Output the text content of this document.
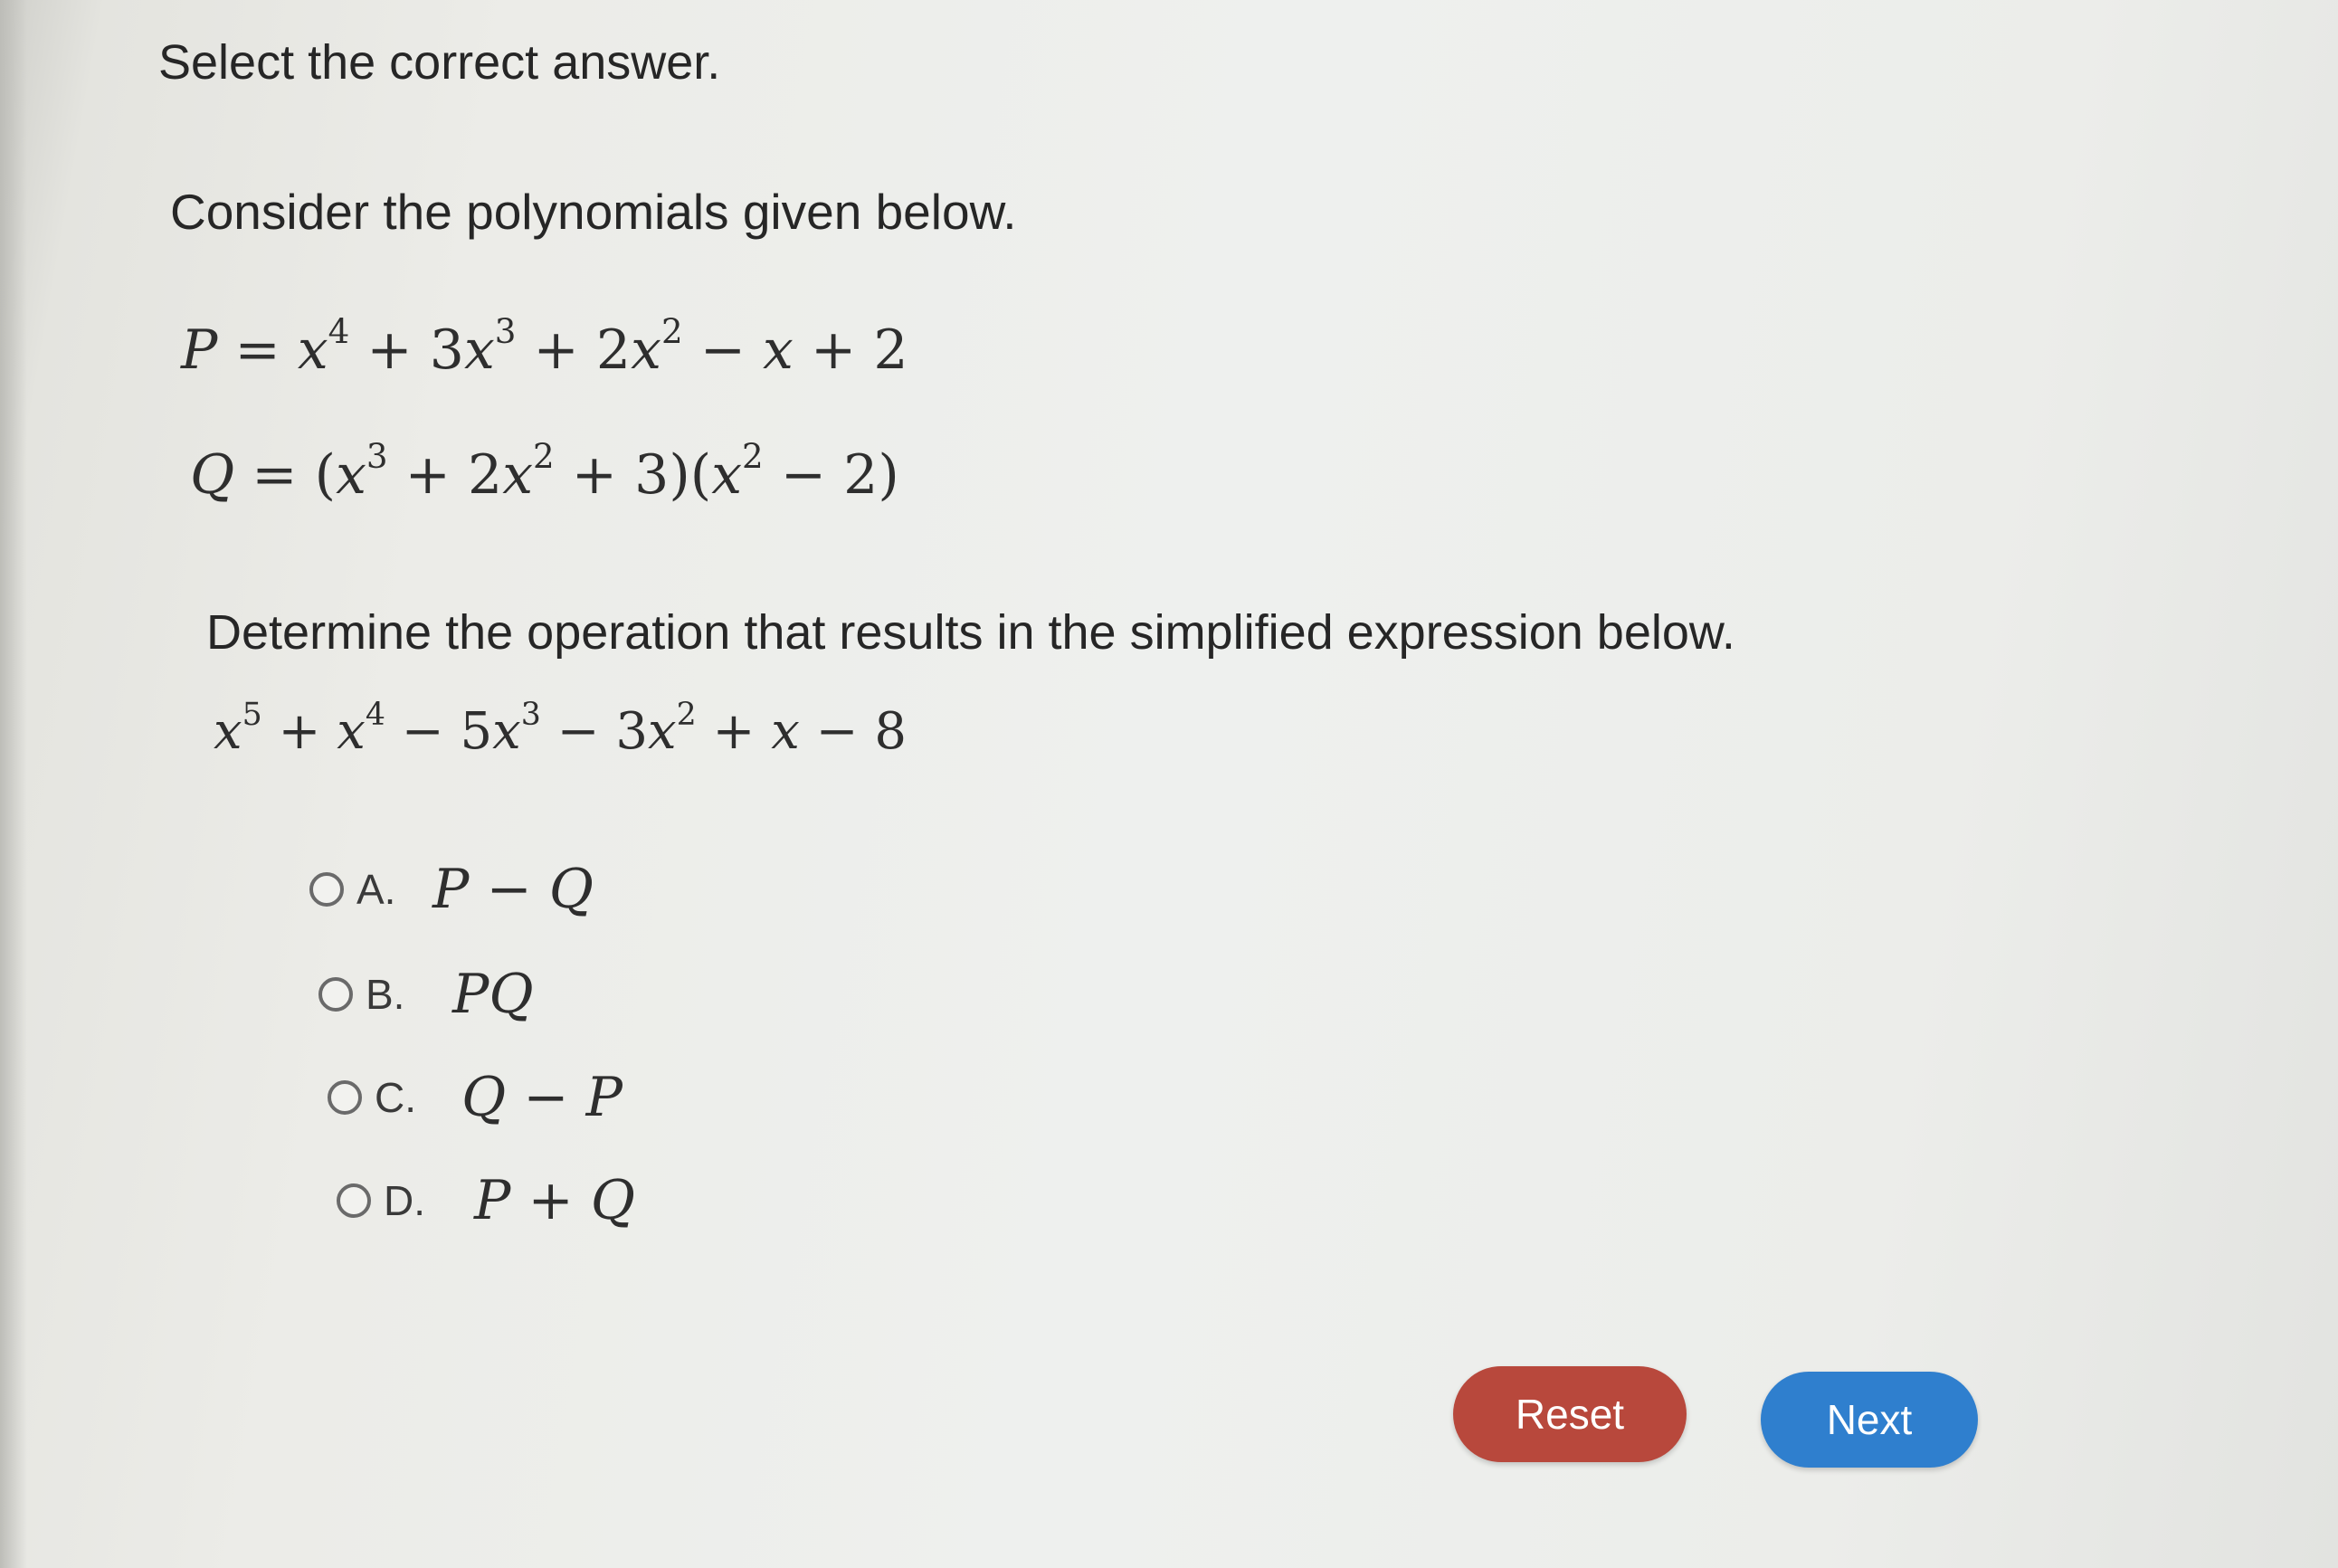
Select the correct answer.
Consider the polynomials given below.
$P = x^4 + 3x^3 + 2x^2 - x + 2$
$Q = (x^3 + 2x^2 + 3)(x^2 - 2)$
Determine the operation that results in the simplified expression below.
$x^5 + x^4 - 5x^3 - 3x^2 + x - 8$
A. P − Q
B. PQ
C. Q − P
D. P + Q
Reset	Next
